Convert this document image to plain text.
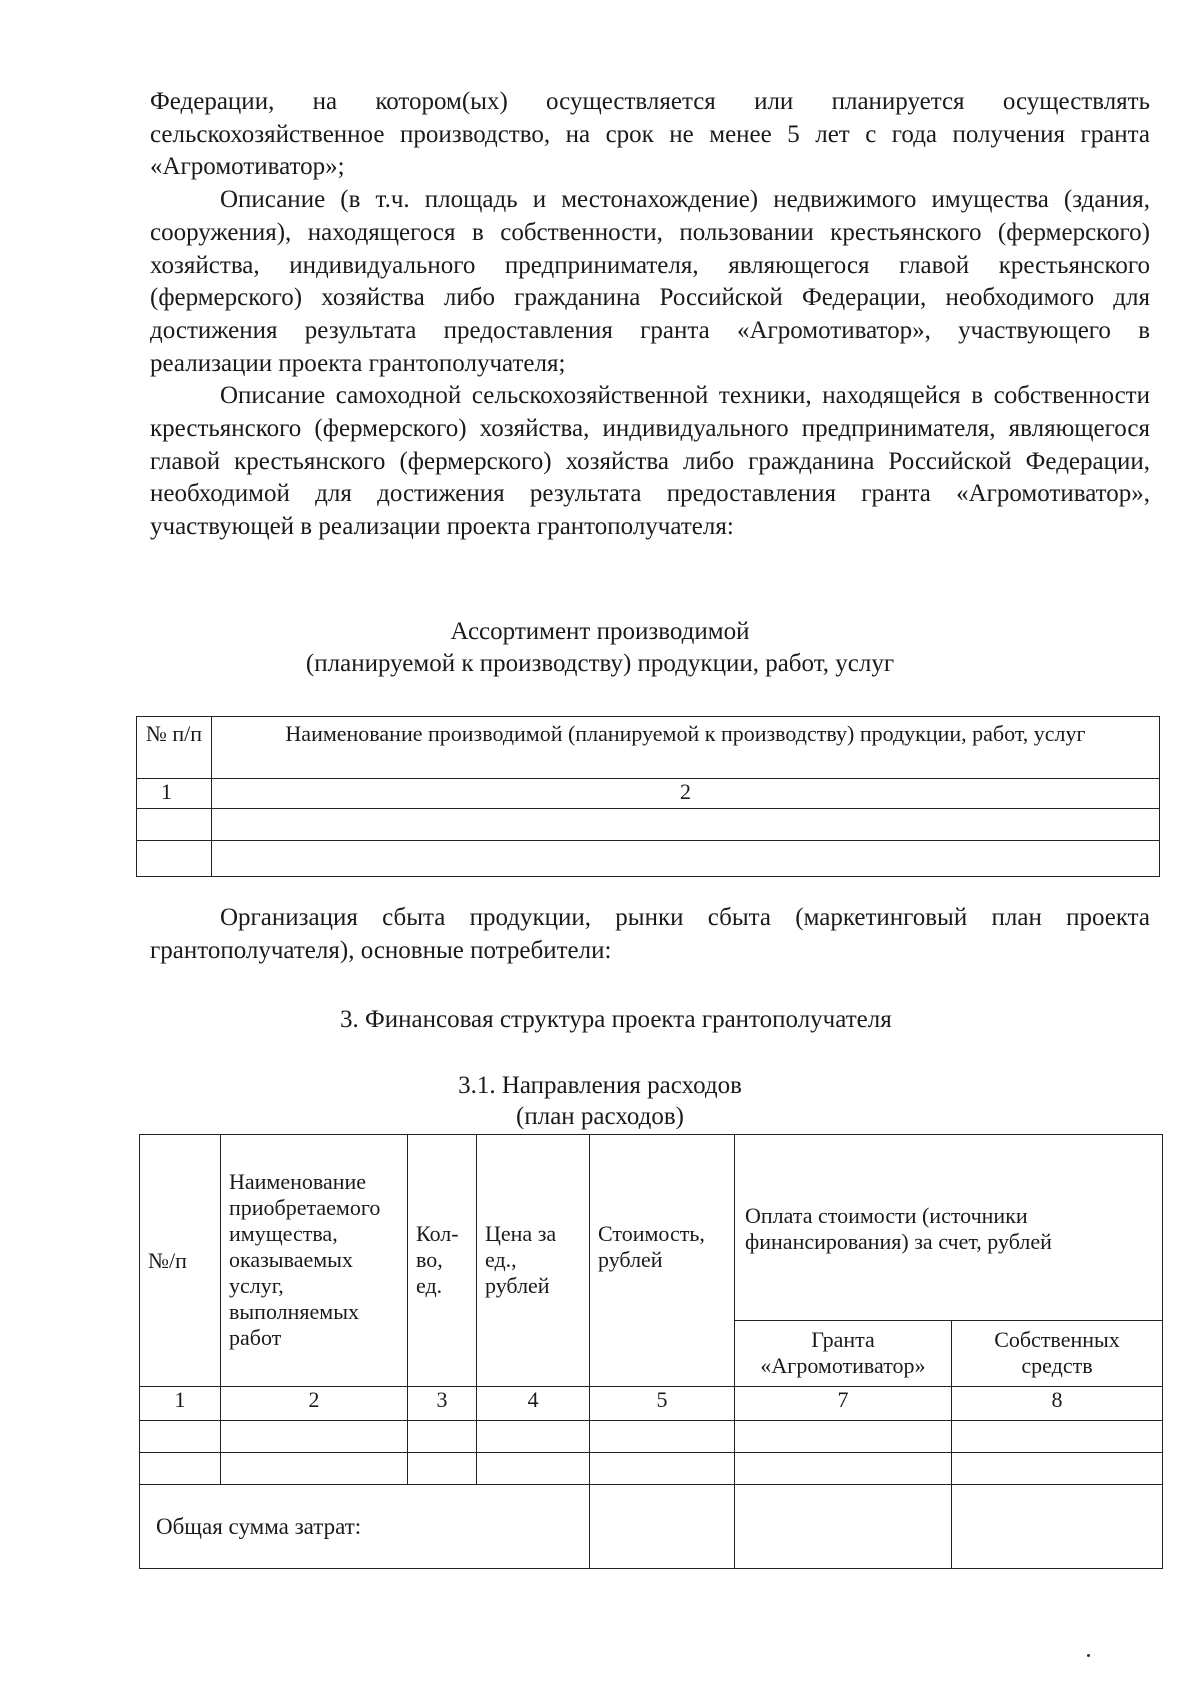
Федерации, на котором(ых) осуществляется или планируется осуществлять сельскохозяйственное производство, на срок не менее 5 лет с года получения гранта «Агромотиватор»;

Описание (в т.ч. площадь и местонахождение) недвижимого имущества (здания, сооружения), находящегося в собственности, пользовании крестьянского (фермерского) хозяйства, индивидуального предпринимателя, являющегося главой крестьянского (фермерского) хозяйства либо гражданина Российской Федерации, необходимого для достижения результата предоставления гранта «Агромотиватор», участвующего в реализации проекта грантополучателя;

Описание самоходной сельскохозяйственной техники, находящейся в собственности крестьянского (фермерского) хозяйства, индивидуального предпринимателя, являющегося главой крестьянского (фермерского) хозяйства либо гражданина Российской Федерации, необходимой для достижения результата предоставления гранта «Агромотиватор», участвующей в реализации проекта грантополучателя:

Ассортимент производимой
(планируемой к производству) продукции, работ, услуг
№ п/п	Наименование производимой (планируемой к производству) продукции, работ, услуг
1	2

Организация сбыта продукции, рынки сбыта (маркетинговый план проекта грантополучателя), основные потребители:

3. Финансовая структура проекта грантополучателя
3.1. Направления расходов
(план расходов)
№/п	Наименование приобретаемого имущества, оказываемых услуг, выполняемых работ	Кол-во, ед.	Цена за ед., рублей	Стоимость, рублей	Оплата стоимости (источники финансирования) за счет, рублей	
					Гранта «Агромотиватор»	Собственных средств
1	2	3	4	5	7	8

Общая сумма затрат:						
